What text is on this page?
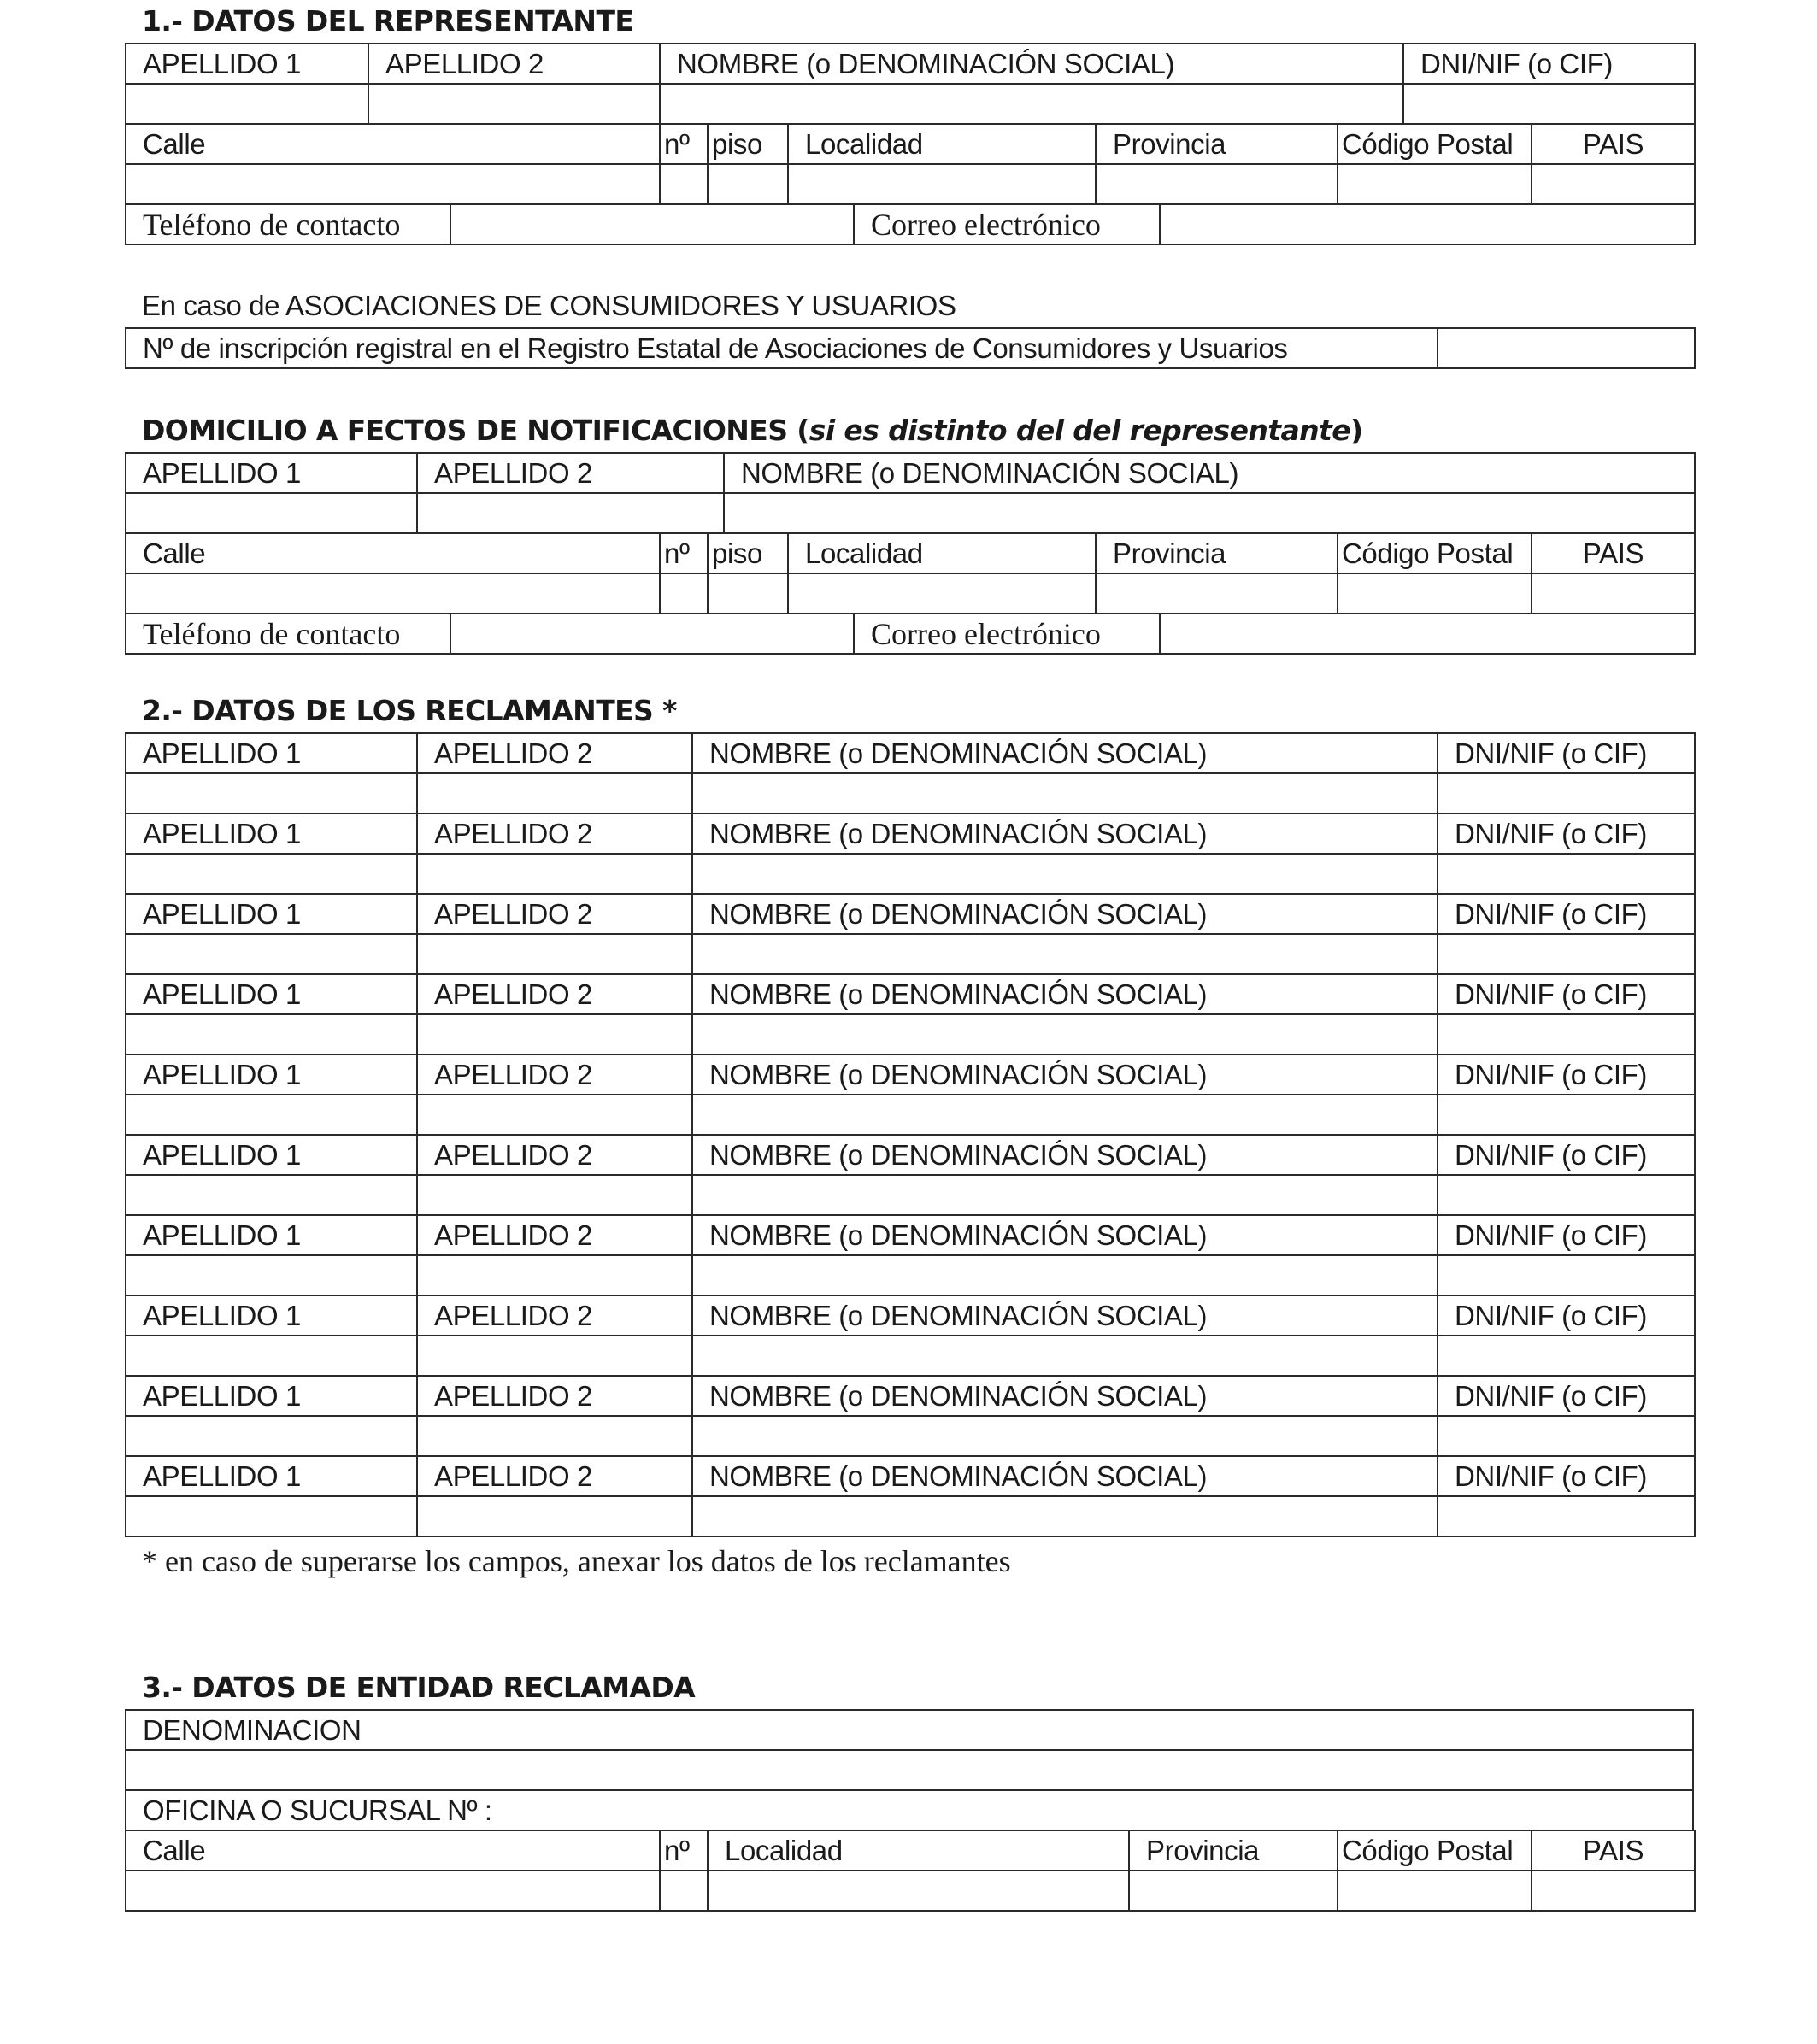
1.- DATOS DEL REPRESENTANTE
APELLIDO 1	APELLIDO 2	NOMBRE (o DENOMINACIÓN SOCIAL)	DNI/NIF (o CIF)

Calle	nº	piso	Localidad	Provincia	Código Postal	PAIS

Teléfono de contacto		Correo electrónico	
En caso de ASOCIACIONES DE CONSUMIDORES Y USUARIOS
Nº de inscripción registral en el Registro Estatal de Asociaciones de Consumidores y Usuarios	
DOMICILIO A FECTOS DE NOTIFICACIONES (si es distinto del del representante)
APELLIDO 1	APELLIDO 2	NOMBRE (o DENOMINACIÓN SOCIAL)

Calle	nº	piso	Localidad	Provincia	Código Postal	PAIS

Teléfono de contacto		Correo electrónico	
2.- DATOS DE LOS RECLAMANTES *
APELLIDO 1	APELLIDO 2	NOMBRE (o DENOMINACIÓN SOCIAL)	DNI/NIF (o CIF)

APELLIDO 1	APELLIDO 2	NOMBRE (o DENOMINACIÓN SOCIAL)	DNI/NIF (o CIF)

APELLIDO 1	APELLIDO 2	NOMBRE (o DENOMINACIÓN SOCIAL)	DNI/NIF (o CIF)

APELLIDO 1	APELLIDO 2	NOMBRE (o DENOMINACIÓN SOCIAL)	DNI/NIF (o CIF)

APELLIDO 1	APELLIDO 2	NOMBRE (o DENOMINACIÓN SOCIAL)	DNI/NIF (o CIF)

APELLIDO 1	APELLIDO 2	NOMBRE (o DENOMINACIÓN SOCIAL)	DNI/NIF (o CIF)

APELLIDO 1	APELLIDO 2	NOMBRE (o DENOMINACIÓN SOCIAL)	DNI/NIF (o CIF)

APELLIDO 1	APELLIDO 2	NOMBRE (o DENOMINACIÓN SOCIAL)	DNI/NIF (o CIF)

APELLIDO 1	APELLIDO 2	NOMBRE (o DENOMINACIÓN SOCIAL)	DNI/NIF (o CIF)

APELLIDO 1	APELLIDO 2	NOMBRE (o DENOMINACIÓN SOCIAL)	DNI/NIF (o CIF)

* en caso de superarse los campos, anexar los datos de los reclamantes
3.- DATOS DE ENTIDAD RECLAMADA
DENOMINACION

OFICINA O SUCURSAL Nº :
Calle	nº	Localidad	Provincia	Código Postal	PAIS
